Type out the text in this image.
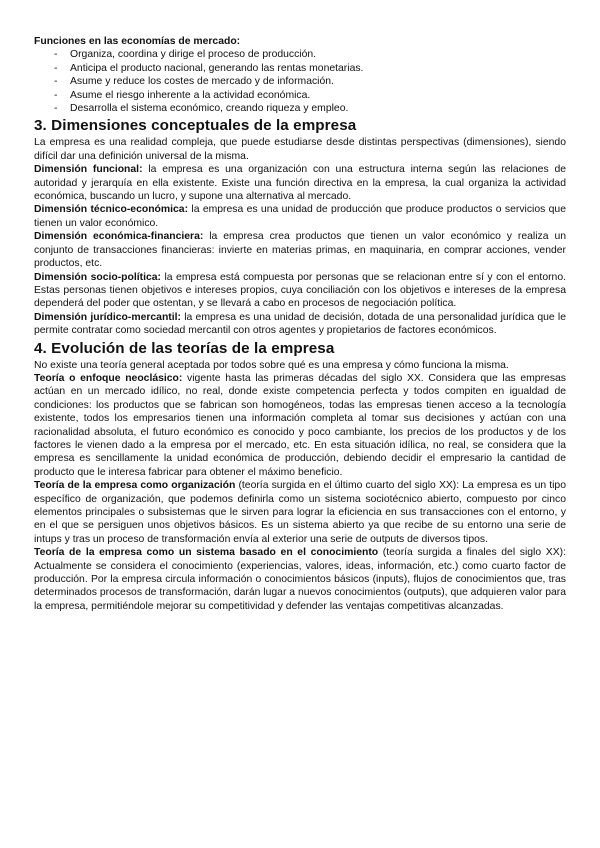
Funciones en las economías de mercado:

- Organiza, coordina y dirige el proceso de producción.
- Anticipa el producto nacional, generando las rentas monetarias.
- Asume y reduce los costes de mercado y de información.
- Asume el riesgo inherente a la actividad económica.
- Desarrolla el sistema económico, creando riqueza y empleo.
3. Dimensiones conceptuales de la empresa

La empresa es una realidad compleja, que puede estudiarse desde distintas perspectivas (dimensiones), siendo difícil dar una definición universal de la misma.

Dimensión funcional: la empresa es una organización con una estructura interna según las relaciones de autoridad y jerarquía en ella existente. Existe una función directiva en la empresa, la cual organiza la actividad económica, buscando un lucro, y supone una alternativa al mercado.

Dimensión técnico-económica: la empresa es una unidad de producción que produce productos o servicios que tienen un valor económico.

Dimensión económica-financiera: la empresa crea productos que tienen un valor económico y realiza un conjunto de transacciones financieras: invierte en materias primas, en maquinaria, en comprar acciones, vender productos, etc.

Dimensión socio-política: la empresa está compuesta por personas que se relacionan entre sí y con el entorno. Estas personas tienen objetivos e intereses propios, cuya conciliación con los objetivos e intereses de la empresa dependerá del poder que ostentan, y se llevará a cabo en procesos de negociación política.

Dimensión jurídico-mercantil: la empresa es una unidad de decisión, dotada de una personalidad jurídica que le permite contratar como sociedad mercantil con otros agentes y propietarios de factores económicos.

4. Evolución de las teorías de la empresa

No existe una teoría general aceptada por todos sobre qué es una empresa y cómo funciona la misma.

Teoría o enfoque neoclásico: vigente hasta las primeras décadas del siglo XX. Considera que las empresas actúan en un mercado idílico, no real, donde existe competencia perfecta y todos compiten en igualdad de condiciones: los productos que se fabrican son homogéneos, todas las empresas tienen acceso a la tecnología existente, todos los empresarios tienen una información completa al tomar sus decisiones y actúan con una racionalidad absoluta, el futuro económico es conocido y poco cambiante, los precios de los productos y de los factores le vienen dado a la empresa por el mercado, etc. En esta situación idílica, no real, se considera que la empresa es sencillamente la unidad económica de producción, debiendo decidir el empresario la cantidad de producto que le interesa fabricar para obtener el máximo beneficio.

Teoría de la empresa como organización (teoría surgida en el último cuarto del siglo XX): La empresa es un tipo específico de organización, que podemos definirla como un sistema sociotécnico abierto, compuesto por cinco elementos principales o subsistemas que le sirven para lograr la eficiencia en sus transacciones con el entorno, y en el que se persiguen unos objetivos básicos. Es un sistema abierto ya que recibe de su entorno una serie de intups y tras un proceso de transformación envía al exterior una serie de outputs de diversos tipos.

Teoría de la empresa como un sistema basado en el conocimiento (teoría surgida a finales del siglo XX): Actualmente se considera el conocimiento (experiencias, valores, ideas, información, etc.) como cuarto factor de producción. Por la empresa circula información o conocimientos básicos (inputs), flujos de conocimientos que, tras determinados procesos de transformación, darán lugar a nuevos conocimientos (outputs), que adquieren valor para la empresa, permitiéndole mejorar su competitividad y defender las ventajas competitivas alcanzadas.
